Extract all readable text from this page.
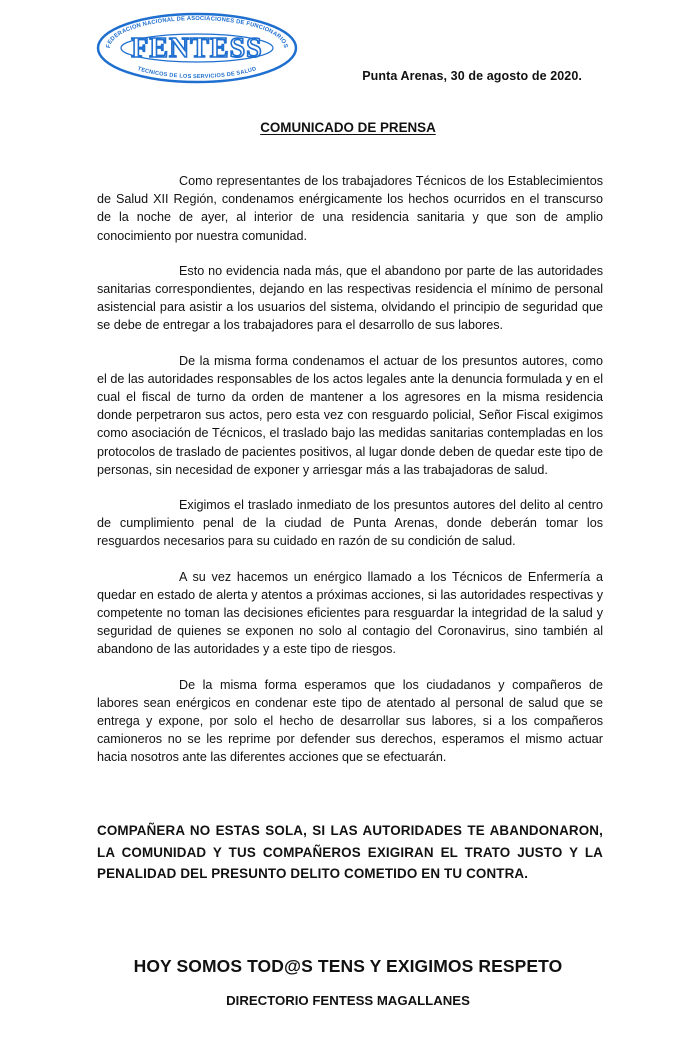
FEDERACION NACIONAL DE ASOCIACIONES DE FUNCIONARIOS
FENTESS
TECNICOS DE LOS SERVICIOS DE SALUD	Punta Arenas, 30 de agosto de 2020.
COMUNICADO DE PRENSA

Como representantes de los trabajadores Técnicos de los Establecimientos de Salud XII Región, condenamos enérgicamente los hechos ocurridos en el transcurso de la noche de ayer, al interior de una residencia sanitaria y que son de amplio conocimiento por nuestra comunidad.

Esto no evidencia nada más, que el abandono por parte de las autoridades sanitarias correspondientes, dejando en las respectivas residencia el mínimo de personal asistencial para asistir a los usuarios del sistema, olvidando el principio de seguridad que se debe de entregar a los trabajadores para el desarrollo de sus labores.

De la misma forma condenamos el actuar de los presuntos autores, como el de las autoridades responsables de los actos legales ante la denuncia formulada y en el cual el fiscal de turno da orden de mantener a los agresores en la misma residencia donde perpetraron sus actos, pero esta vez con resguardo policial, Señor Fiscal exigimos como asociación de Técnicos, el traslado bajo las medidas sanitarias contempladas en los protocolos de traslado de pacientes positivos, al lugar donde deben de quedar este tipo de personas, sin necesidad de exponer y arriesgar más a las trabajadoras de salud.

Exigimos el traslado inmediato de los presuntos autores del delito al centro de cumplimiento penal de la ciudad de Punta Arenas, donde deberán tomar los resguardos necesarios para su cuidado en razón de su condición de salud.

A su vez hacemos un enérgico llamado a los Técnicos de Enfermería a quedar en estado de alerta y atentos a próximas acciones, si las autoridades respectivas y competente no toman las decisiones eficientes para resguardar la integridad de la salud y seguridad de quienes se exponen no solo al contagio del Coronavirus, sino también al abandono de las autoridades y a este tipo de riesgos.

De la misma forma esperamos que los ciudadanos y compañeros de labores sean enérgicos en condenar este tipo de atentado al personal de salud que se entrega y expone, por solo el hecho de desarrollar sus labores, si a los compañeros camioneros no se les reprime por defender sus derechos, esperamos el mismo actuar hacia nosotros ante las diferentes acciones que se efectuarán.

COMPAÑERA NO ESTAS SOLA, SI LAS AUTORIDADES TE ABANDONARON, LA COMUNIDAD Y TUS COMPAÑEROS EXIGIRAN EL TRATO JUSTO Y LA PENALIDAD DEL PRESUNTO DELITO COMETIDO EN TU CONTRA.

HOY SOMOS TOD@S TENS Y EXIGIMOS RESPETO
DIRECTORIO FENTESS MAGALLANES
